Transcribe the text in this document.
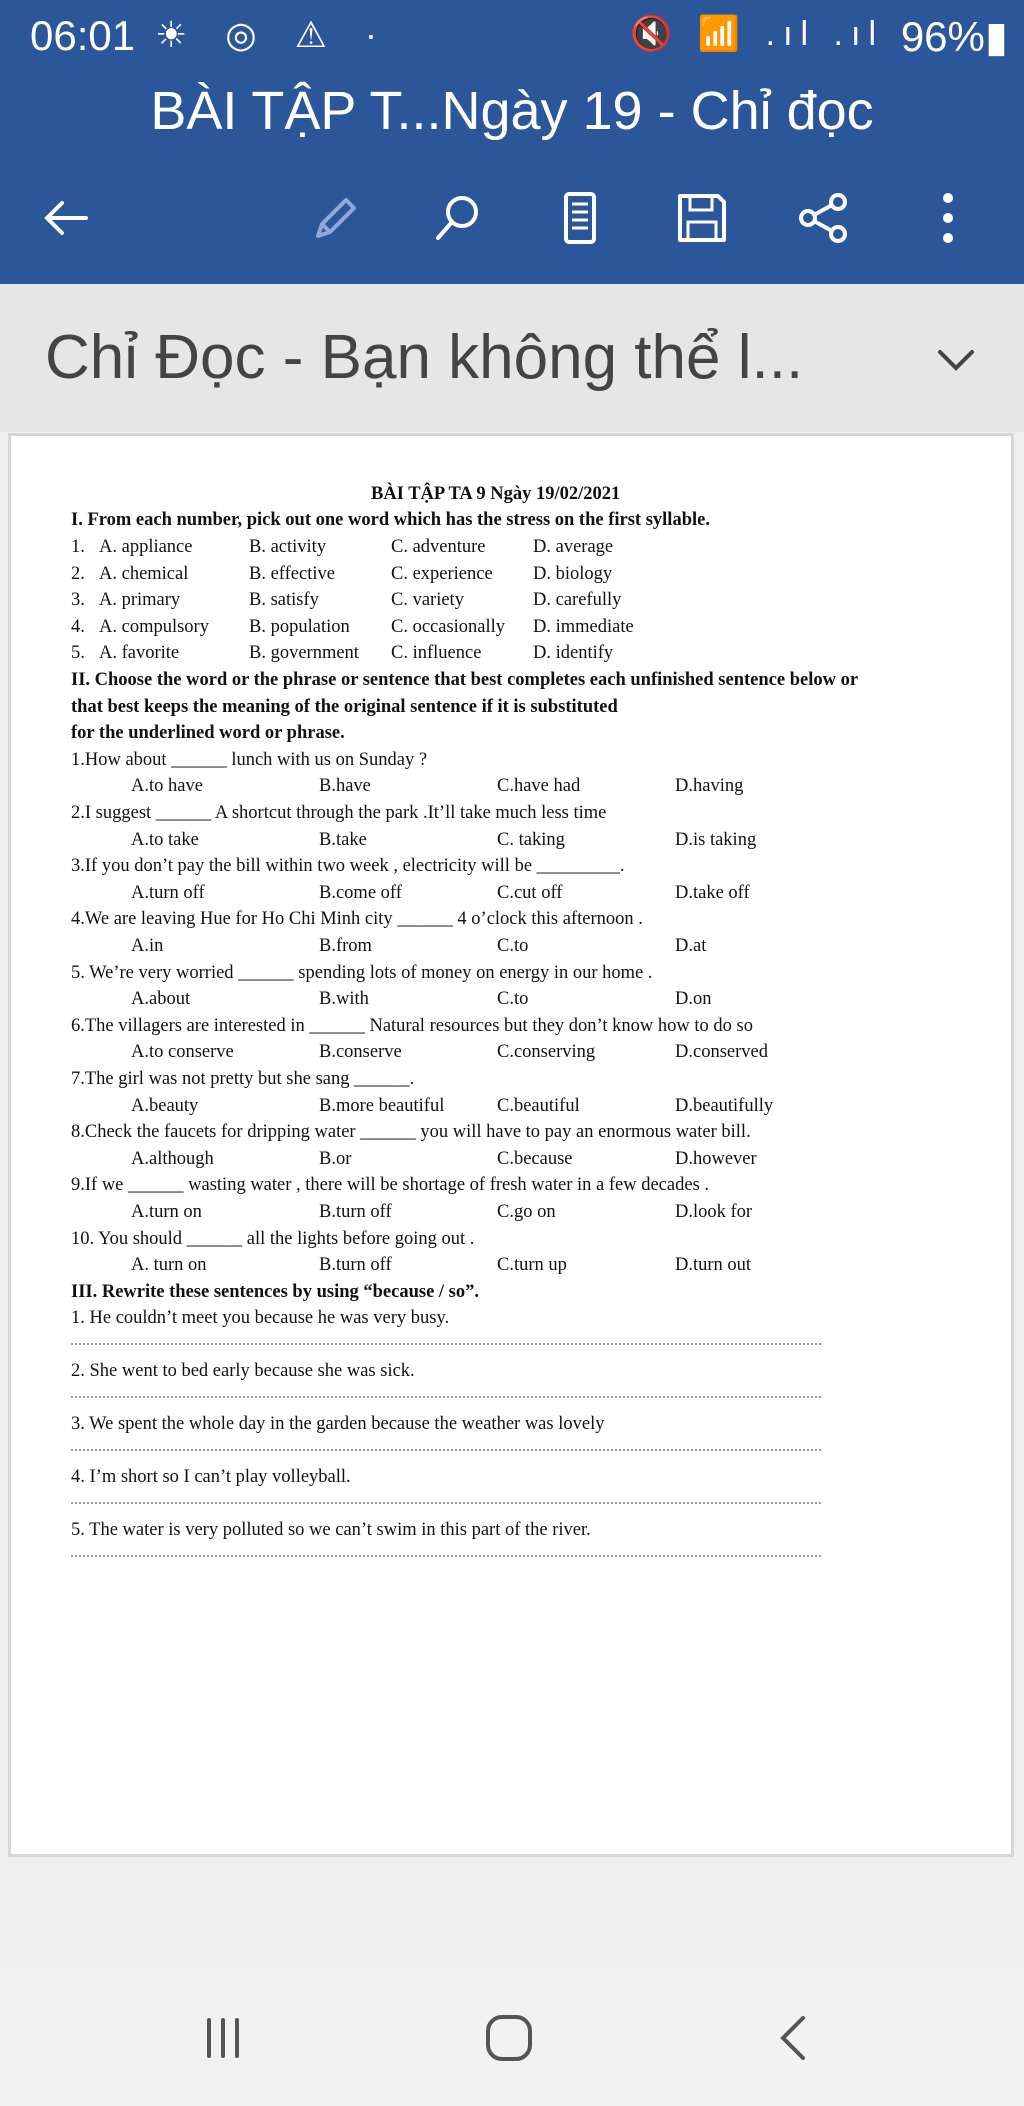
06:01 ☀ ◎ ⚠ ·	🔇 📶 .ıl .ıl 96%▮
BÀI TẬP T...Ngày 19 - Chỉ đọc
Chỉ Đọc - Bạn không thể l...
BÀI TẬP TA 9 Ngày 19/02/2021
I. From each number, pick out one word which has the stress on the first syllable.
1. A. appliance	B. activity	C. adventure	D. average
2. A. chemical	B. effective	C. experience D. biology
3. A. primary	B. satisfy	C. variety	D. carefully
4. A. compulsory B. population C. occasionally D. immediate
5. A. favorite	B. government C. influence	D. identify
II. Choose the word or the phrase or sentence that best completes each unfinished sentence below or
that best keeps the meaning of the original sentence if it is substituted
for the underlined word or phrase.
1.How about ______ lunch with us on Sunday ?
A.to have	B.have	C.have had	D.having
2.I suggest ______ A shortcut through the park .It’ll take much less time
A.to take	B.take	C. taking	D.is taking
3.If you don’t pay the bill within two week , electricity will be _________.
A.turn off	B.come off	C.cut off	D.take off
4.We are leaving Hue for Ho Chi Minh city ______ 4 o’clock this afternoon .
A.in	B.from	C.to	D.at
5. We’re very worried ______ spending lots of money on energy in our home .
A.about	B.with	C.to	D.on
6.The villagers are interested in ______ Natural resources but they don’t know how to do so
A.to conserve	B.conserve	C.conserving	D.conserved
7.The girl was not pretty but she sang ______.
A.beauty	B.more beautiful	C.beautiful	D.beautifully
8.Check the faucets for dripping water ______ you will have to pay an enormous water bill.
A.although	B.or	C.because	D.however
9.If we ______ wasting water , there will be shortage of fresh water in a few decades .
A.turn on	B.turn off	C.go on	D.look for
10. You should ______ all the lights before going out .
A. turn on	B.turn off	C.turn up	D.turn out
III. Rewrite these sentences by using “because / so”.
1. He couldn’t meet you because he was very busy.
2. She went to bed early because she was sick.
3. We spent the whole day in the garden because the weather was lovely
4. I’m short so I can’t play volleyball.
5. The water is very polluted so we can’t swim in this part of the river.
